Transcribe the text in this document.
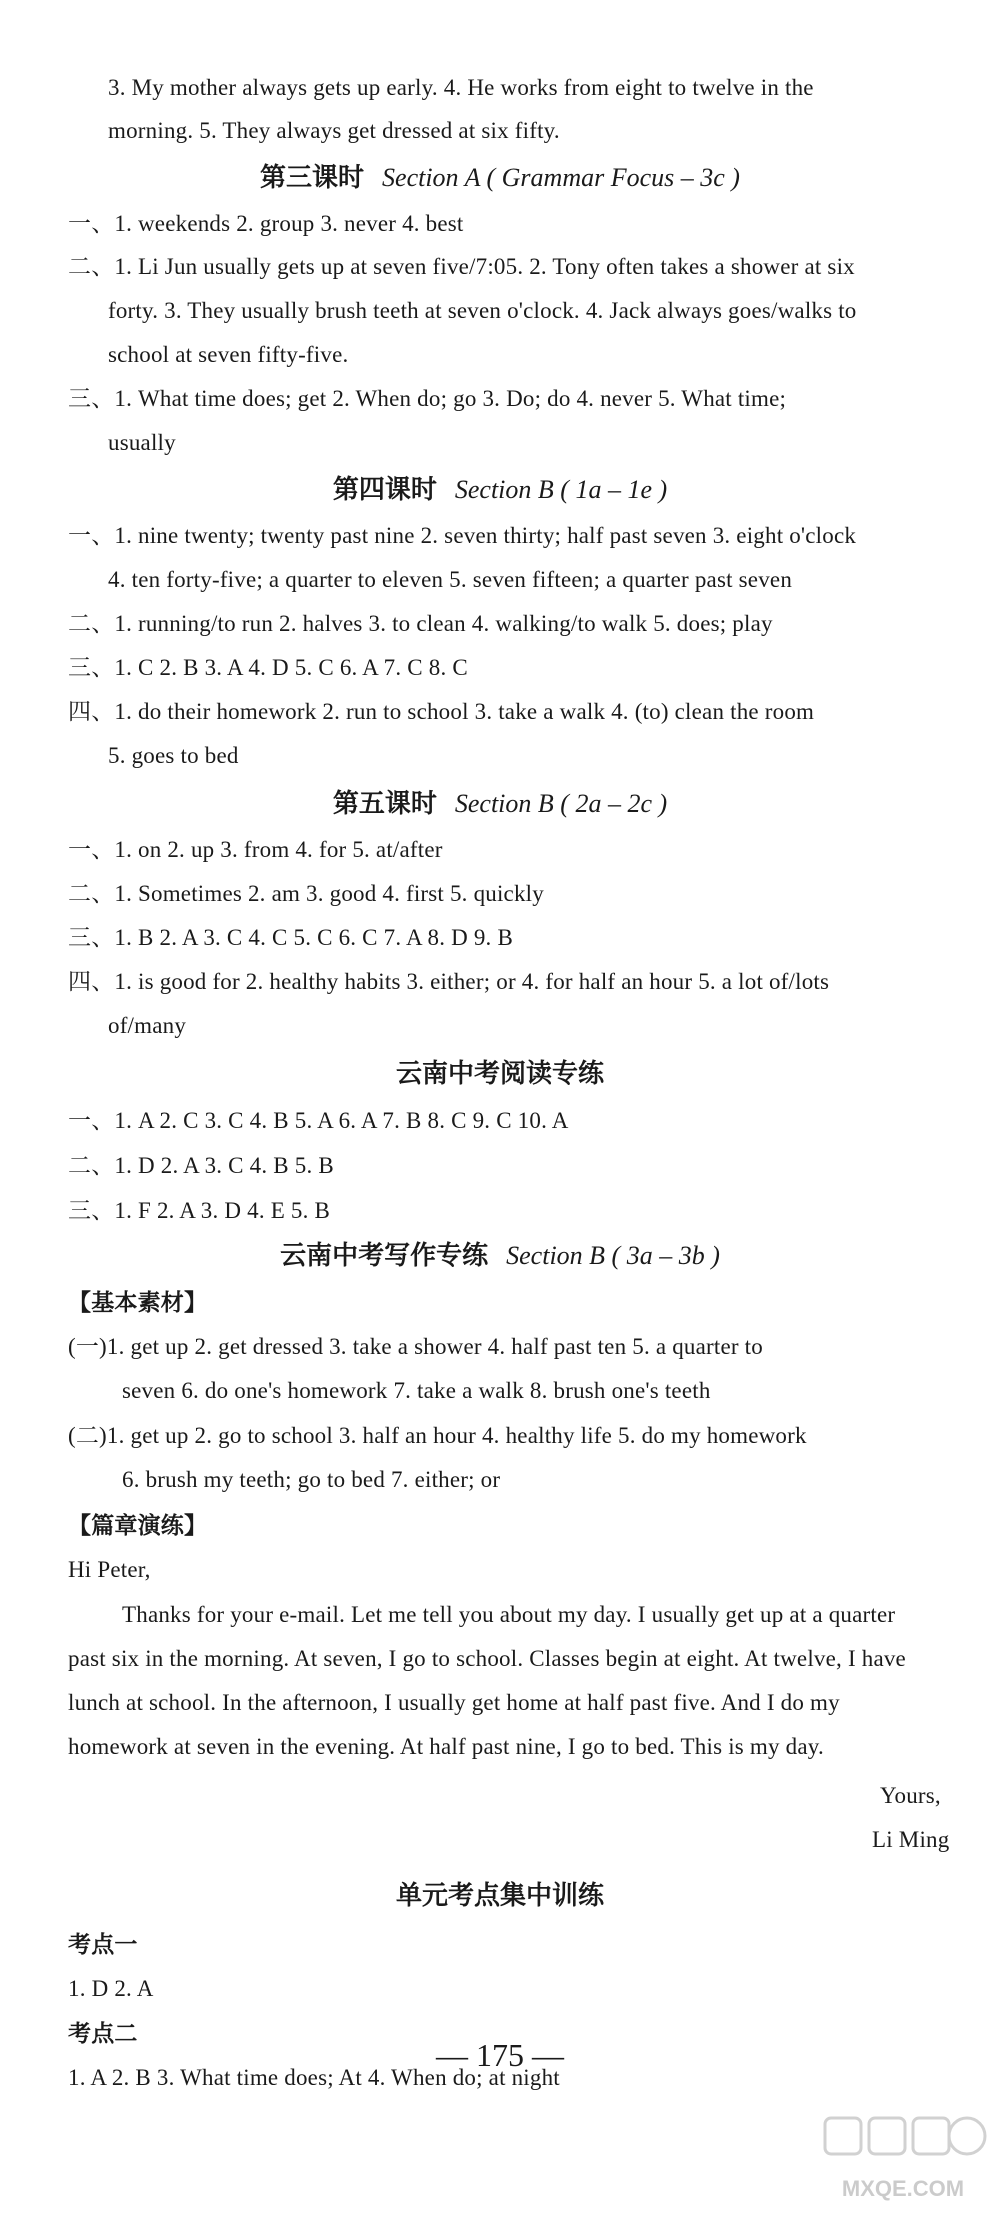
3. My mother always gets up early. 4. He works from eight to twelve in the
morning. 5. They always get dressed at six fifty.
第三课时 Section A ( Grammar Focus – 3c )
一、1. weekends 2. group 3. never 4. best
二、1. Li Jun usually gets up at seven five/7:05. 2. Tony often takes a shower at six
forty. 3. They usually brush teeth at seven o'clock. 4. Jack always goes/walks to
school at seven fifty-five.
三、1. What time does; get 2. When do; go 3. Do; do 4. never 5. What time;
usually
第四课时 Section B ( 1a – 1e )
一、1. nine twenty; twenty past nine 2. seven thirty; half past seven 3. eight o'clock
4. ten forty-five; a quarter to eleven 5. seven fifteen; a quarter past seven
二、1. running/to run 2. halves 3. to clean 4. walking/to walk 5. does; play
三、1. C 2. B 3. A 4. D 5. C 6. A 7. C 8. C
四、1. do their homework 2. run to school 3. take a walk 4. (to) clean the room
5. goes to bed
第五课时 Section B ( 2a – 2c )
一、1. on 2. up 3. from 4. for 5. at/after
二、1. Sometimes 2. am 3. good 4. first 5. quickly
三、1. B 2. A 3. C 4. C 5. C 6. C 7. A 8. D 9. B
四、1. is good for 2. healthy habits 3. either; or 4. for half an hour 5. a lot of/lots
of/many
云南中考阅读专练
一、1. A 2. C 3. C 4. B 5. A 6. A 7. B 8. C 9. C 10. A
二、1. D 2. A 3. C 4. B 5. B
三、1. F 2. A 3. D 4. E 5. B
云南中考写作专练 Section B ( 3a – 3b )
【基本素材】
(一)1. get up 2. get dressed 3. take a shower 4. half past ten 5. a quarter to
seven 6. do one's homework 7. take a walk 8. brush one's teeth
(二)1. get up 2. go to school 3. half an hour 4. healthy life 5. do my homework
6. brush my teeth; go to bed 7. either; or
【篇章演练】
Hi Peter,
Thanks for your e-mail. Let me tell you about my day. I usually get up at a quarter
past six in the morning. At seven, I go to school. Classes begin at eight. At twelve, I have
lunch at school. In the afternoon, I usually get home at half past five. And I do my
homework at seven in the evening. At half past nine, I go to bed. This is my day.
Yours,
Li Ming
单元考点集中训练
考点一
1. D 2. A
考点二
1. A 2. B 3. What time does; At 4. When do; at night
— 175 —
MXQE.COM
